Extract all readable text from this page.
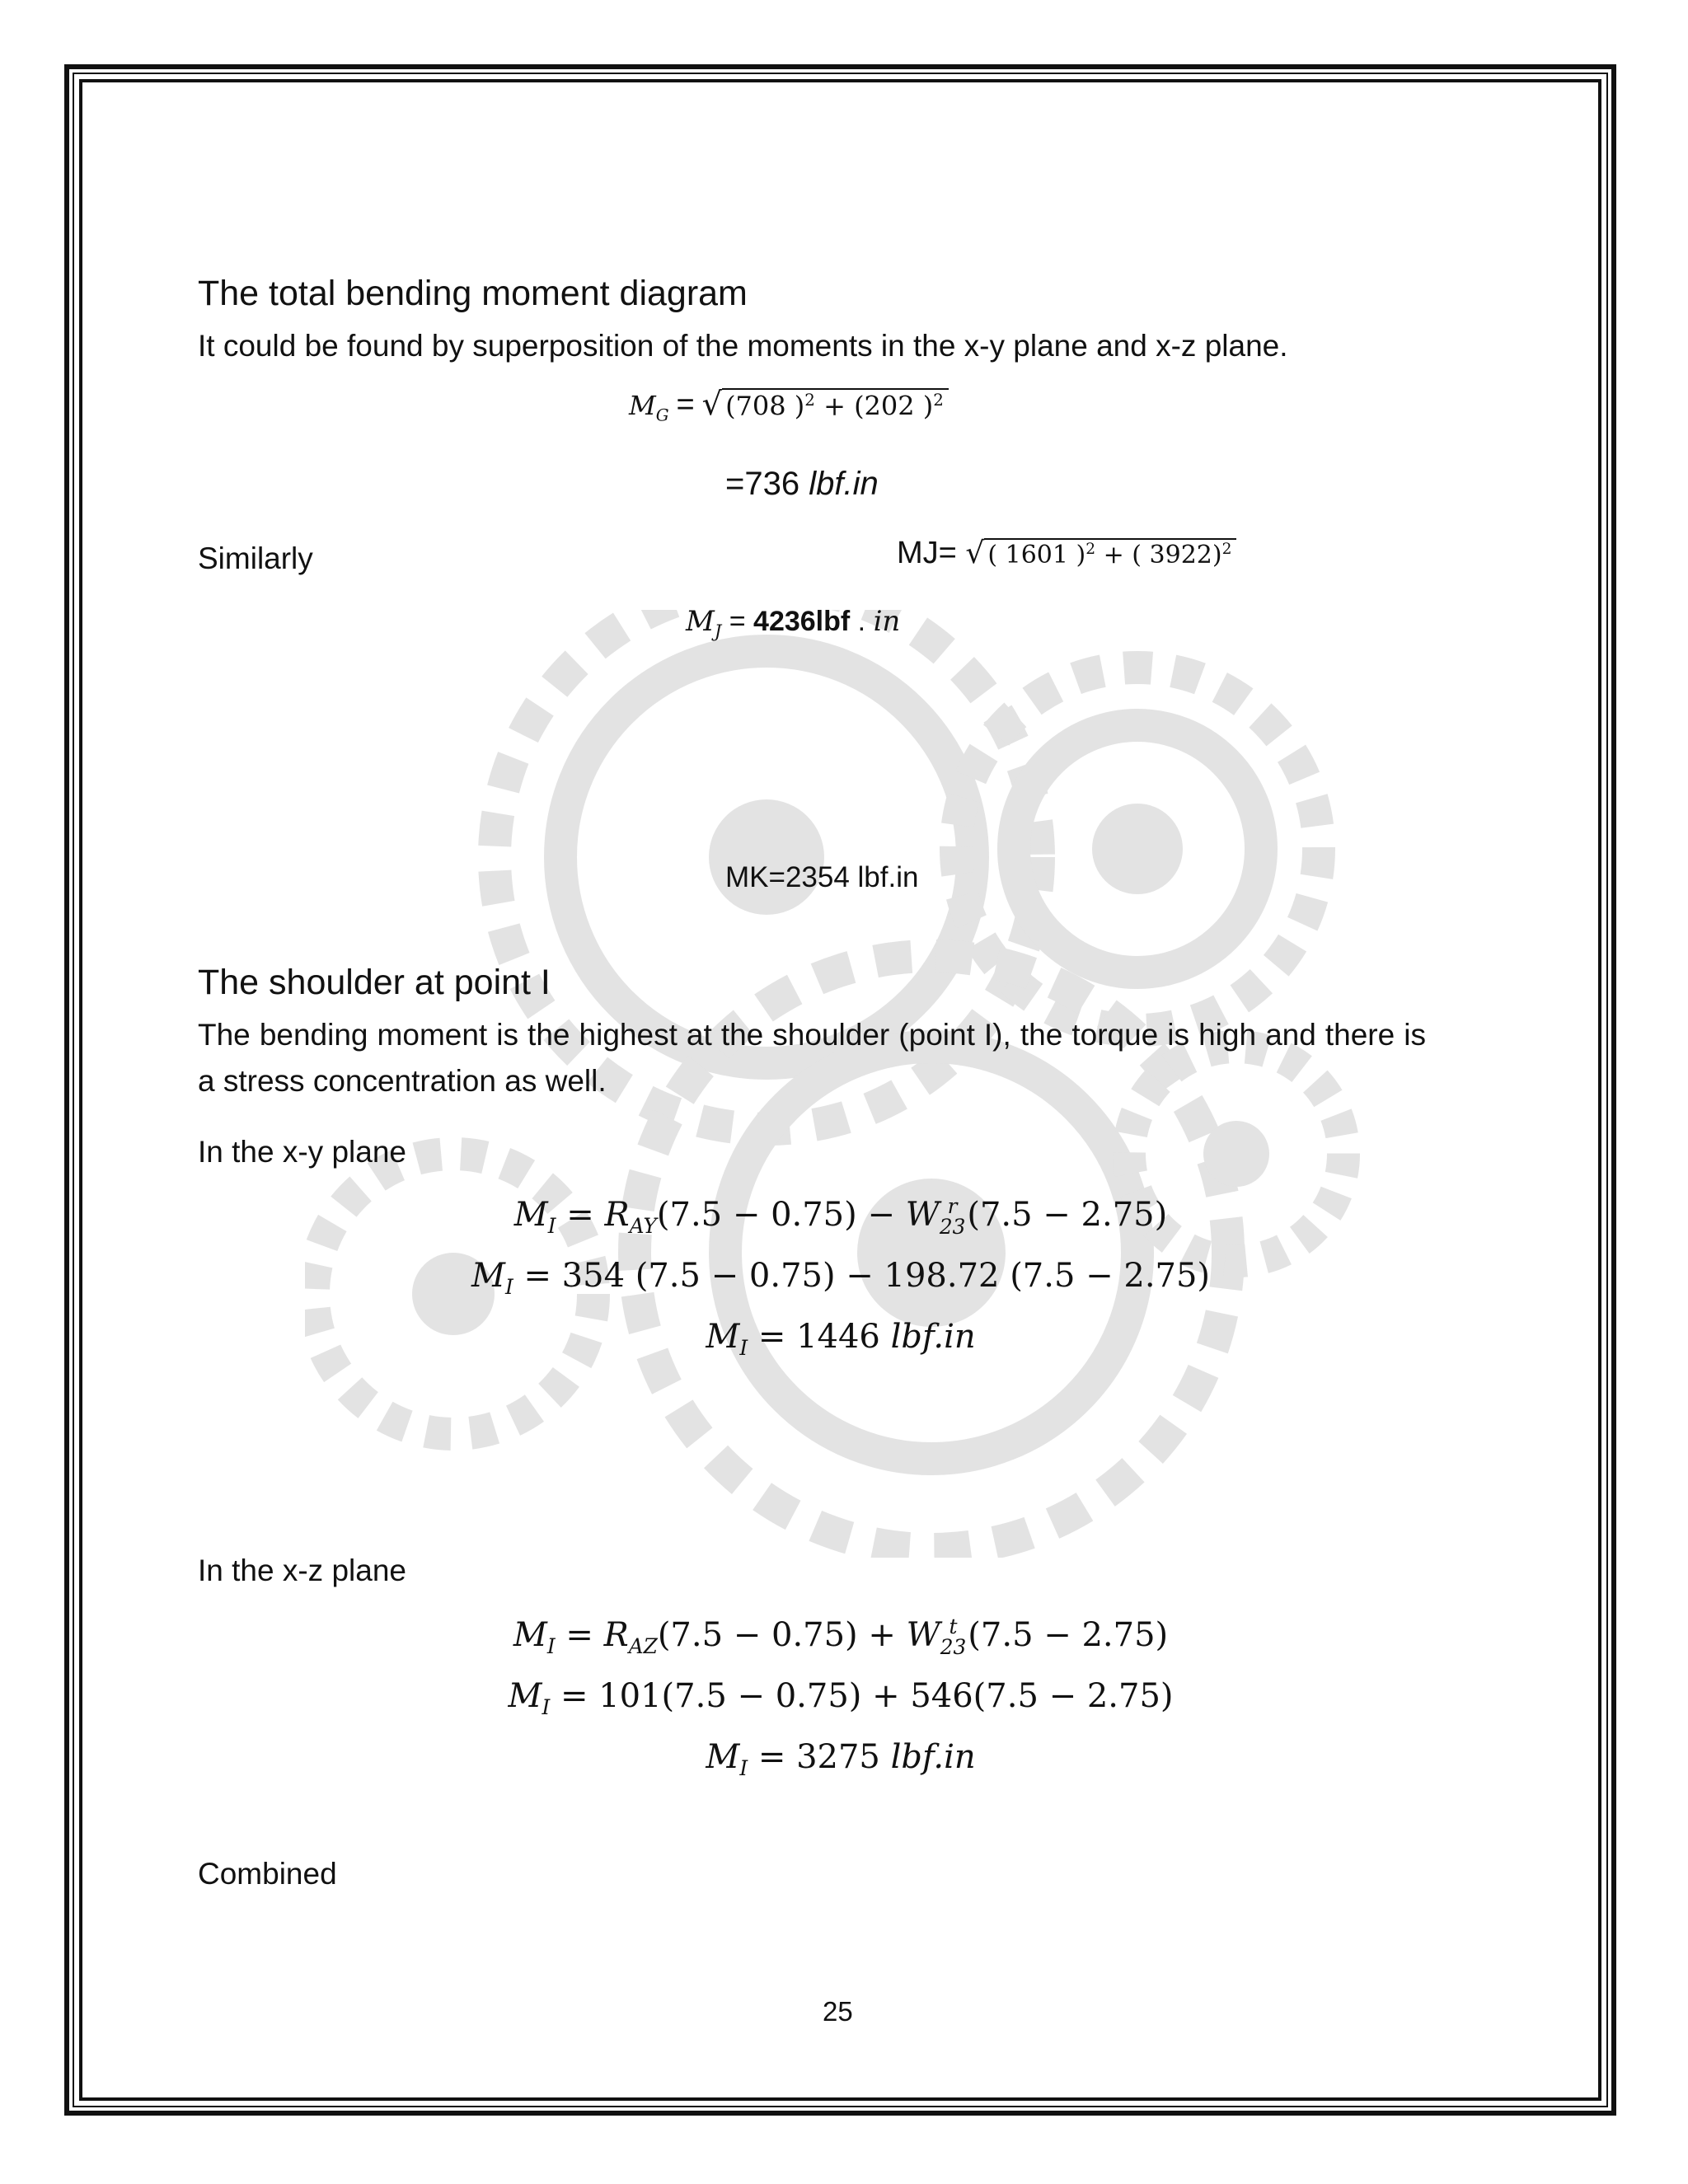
The total bending moment diagram
It could be found by superposition of the moments in the x-y plane and x-z plane.
$M_G$ = √ (708 )$^2$ + (202 )$^2$
=736 lbf.in
Similarly	MJ= √ ( 1601 )$^2$ + ( 3922)$^2$
$M_J = 4236lbf$ . in
MK=2354 lbf.in
The shoulder at point I
The bending moment is the highest at the shoulder (point I), the torque is high and there is a stress concentration as well.
In the x-y plane
$M_I = R_{AY}(7.5 - 0.75) - W$ r
23 (7.5 − 2.75)
$M_I = 354$ (7.5 − 0.75) − 198.72 (7.5 − 2.75)
$M_I = 1446$ lbf.in
In the x-z plane
$M_I = R_{AZ}(7.5 - 0.75) + W$ t
23 (7.5 − 2.75)
$M_I = 101(7.5 - 0.75) + 546(7.5 - 2.75)$
$M_I = 3275$ lbf.in
Combined
25
